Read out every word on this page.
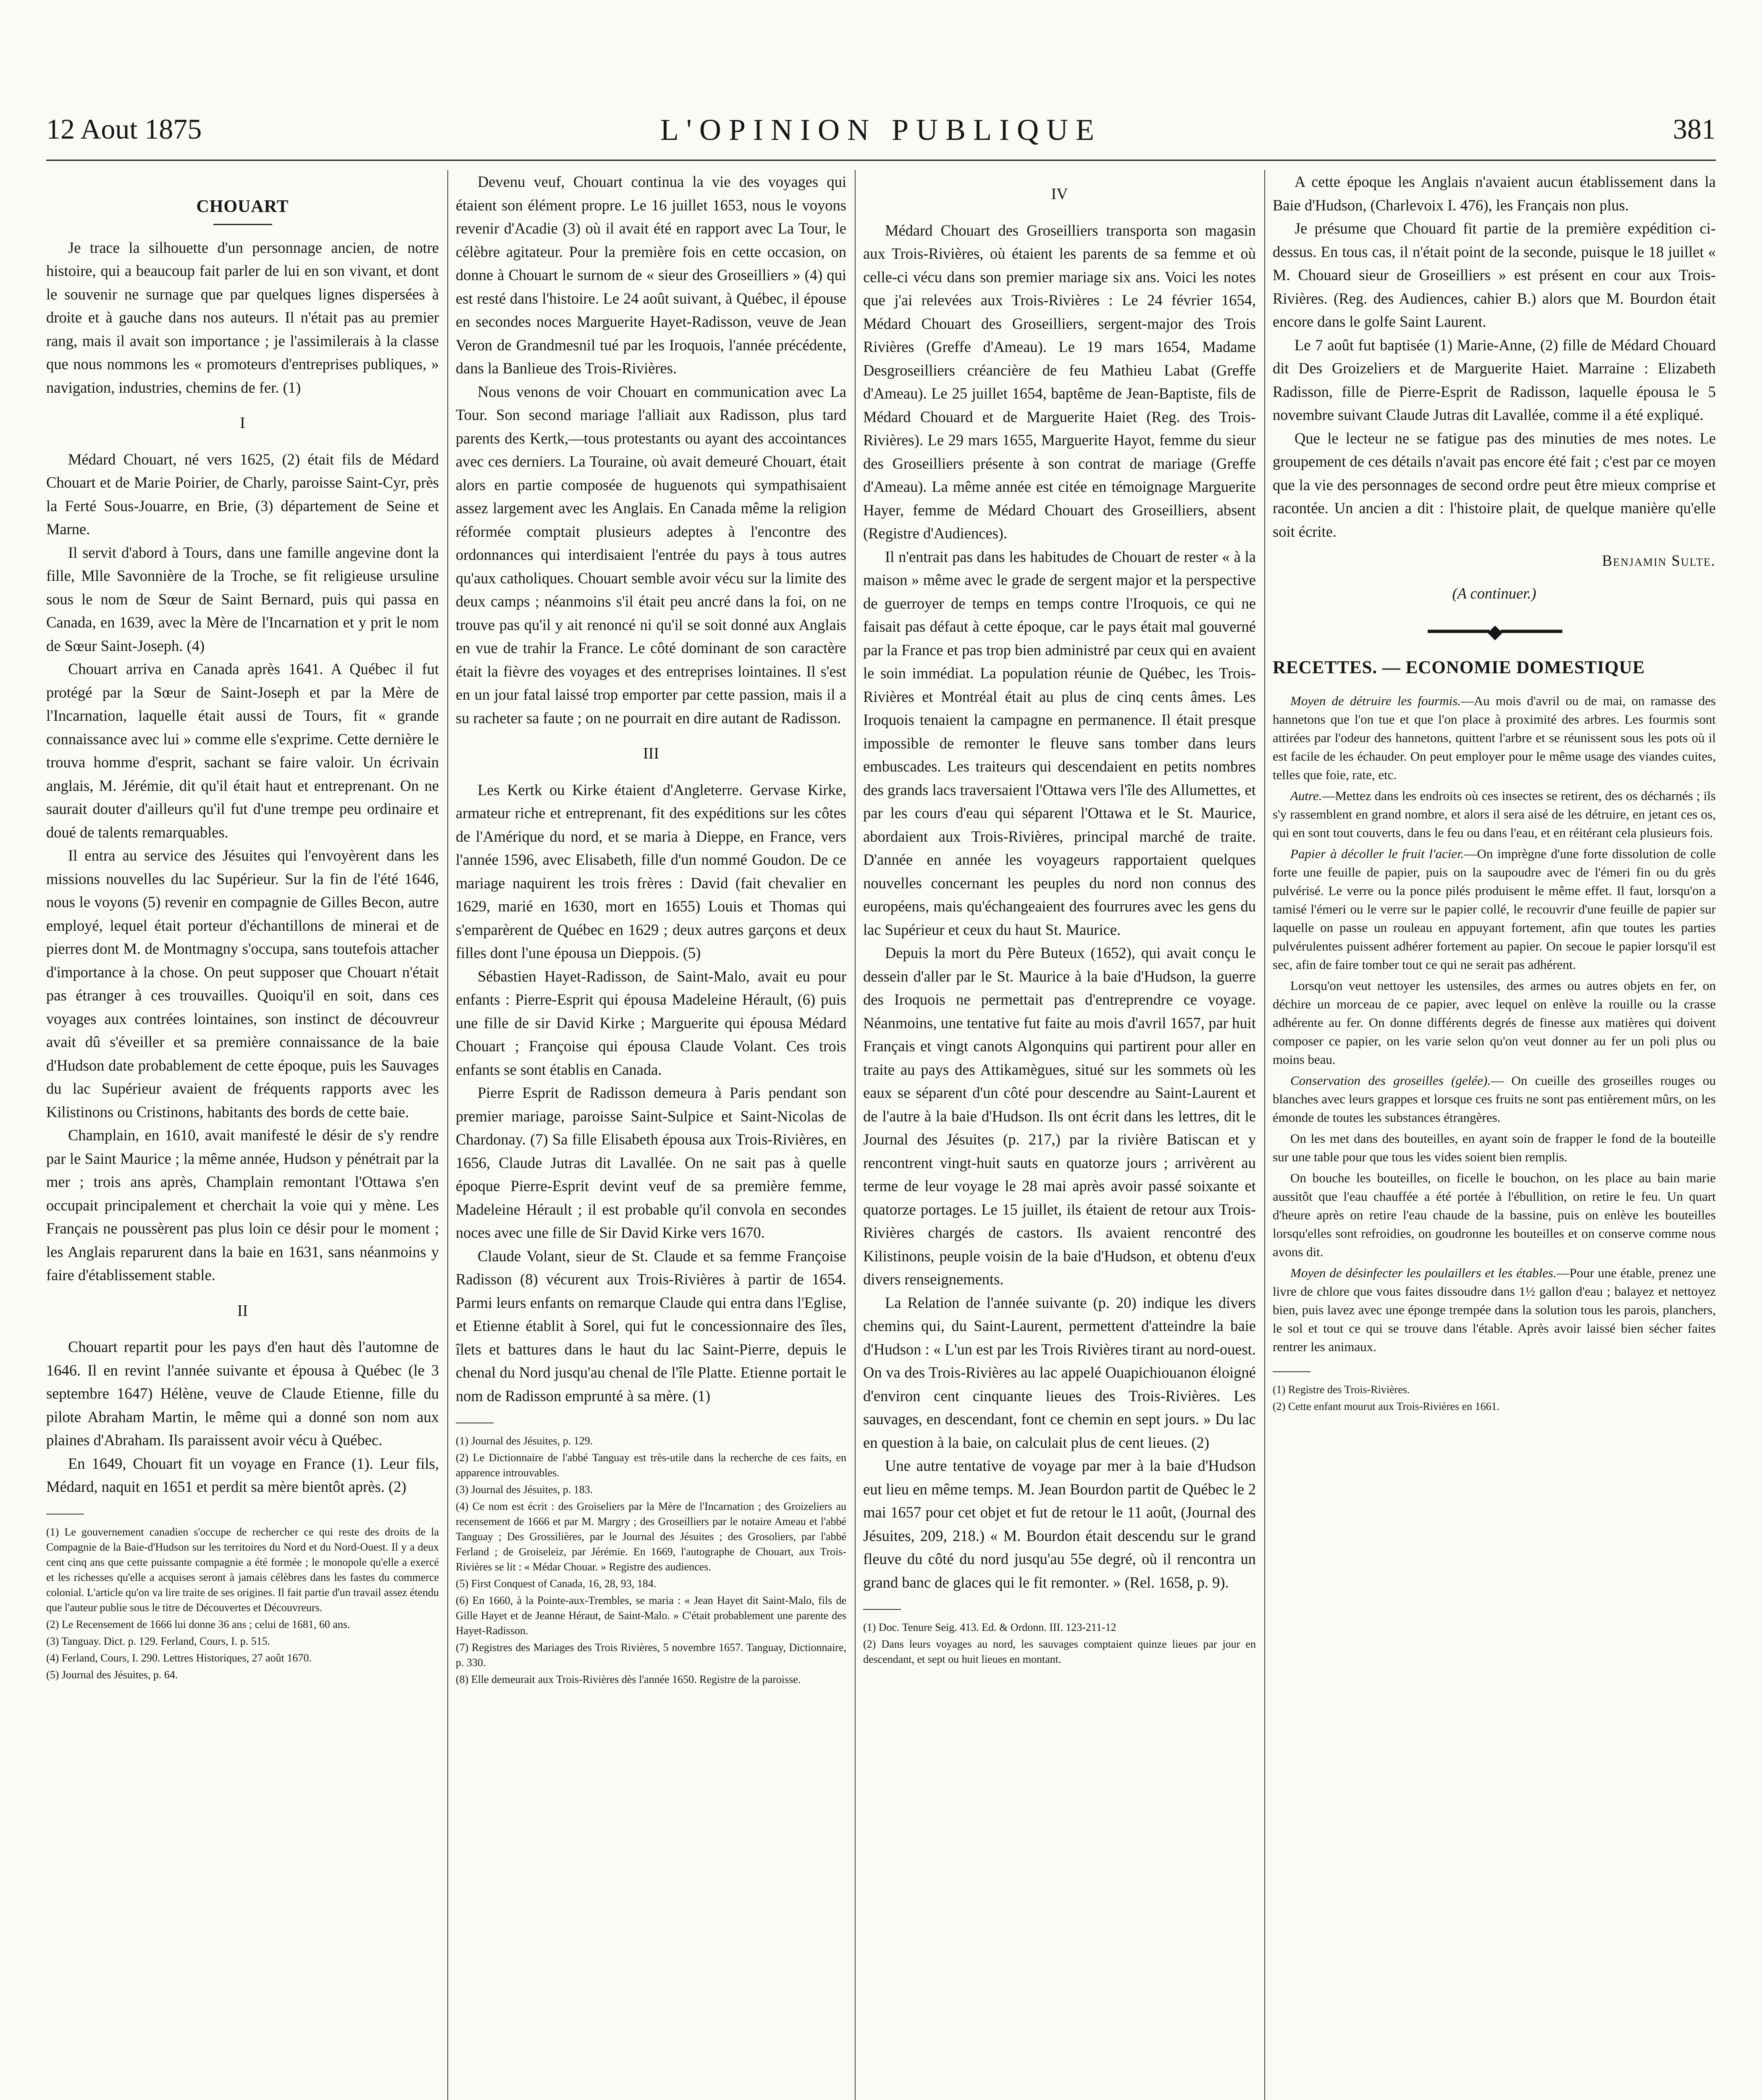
12 Aout 1875	L'OPINION PUBLIQUE	381
CHOUART

Je trace la silhouette d'un personnage ancien, de notre histoire, qui a beaucoup fait parler de lui en son vivant, et dont le souvenir ne surnage que par quelques lignes dispersées à droite et à gauche dans nos auteurs. Il n'était pas au premier rang, mais il avait son importance ; je l'assimilerais à la classe que nous nommons les « promoteurs d'entreprises publiques, » navigation, industries, chemins de fer. (1)

I

Médard Chouart, né vers 1625, (2) était fils de Médard Chouart et de Marie Poirier, de Charly, paroisse Saint-Cyr, près la Ferté Sous-Jouarre, en Brie, (3) département de Seine et Marne.

Il servit d'abord à Tours, dans une famille angevine dont la fille, Mlle Savonnière de la Troche, se fit religieuse ursuline sous le nom de Sœur de Saint Bernard, puis qui passa en Canada, en 1639, avec la Mère de l'Incarnation et y prit le nom de Sœur Saint-Joseph. (4)

Chouart arriva en Canada après 1641. A Québec il fut protégé par la Sœur de Saint-Joseph et par la Mère de l'Incarnation, laquelle était aussi de Tours, fit « grande connaissance avec lui » comme elle s'exprime. Cette dernière le trouva homme d'esprit, sachant se faire valoir. Un écrivain anglais, M. Jérémie, dit qu'il était haut et entreprenant. On ne saurait douter d'ailleurs qu'il fut d'une trempe peu ordinaire et doué de talents remarquables.

Il entra au service des Jésuites qui l'envoyèrent dans les missions nouvelles du lac Supérieur. Sur la fin de l'été 1646, nous le voyons (5) revenir en compagnie de Gilles Becon, autre employé, lequel était porteur d'échantillons de minerai et de pierres dont M. de Montmagny s'occupa, sans toutefois attacher d'importance à la chose. On peut supposer que Chouart n'était pas étranger à ces trouvailles. Quoiqu'il en soit, dans ces voyages aux contrées lointaines, son instinct de découvreur avait dû s'éveiller et sa première connaissance de la baie d'Hudson date probablement de cette époque, puis les Sauvages du lac Supérieur avaient de fréquents rapports avec les Kilistinons ou Cristinons, habitants des bords de cette baie.

Champlain, en 1610, avait manifesté le désir de s'y rendre par le Saint Maurice ; la même année, Hudson y pénétrait par la mer ; trois ans après, Champlain remontant l'Ottawa s'en occupait principalement et cherchait la voie qui y mène. Les Français ne poussèrent pas plus loin ce désir pour le moment ; les Anglais reparurent dans la baie en 1631, sans néanmoins y faire d'établissement stable.

II

Chouart repartit pour les pays d'en haut dès l'automne de 1646. Il en revint l'année suivante et épousa à Québec (le 3 septembre 1647) Hélène, veuve de Claude Etienne, fille du pilote Abraham Martin, le même qui a donné son nom aux plaines d'Abraham. Ils paraissent avoir vécu à Québec.

En 1649, Chouart fit un voyage en France (1). Leur fils, Médard, naquit en 1651 et perdit sa mère bientôt après. (2)

(1) Le gouvernement canadien s'occupe de rechercher ce qui reste des droits de la Compagnie de la Baie-d'Hudson sur les territoires du Nord et du Nord-Ouest. Il y a deux cent cinq ans que cette puissante compagnie a été formée ; le monopole qu'elle a exercé et les richesses qu'elle a acquises seront à jamais célèbres dans les fastes du commerce colonial. L'article qu'on va lire traite de ses origines. Il fait partie d'un travail assez étendu que l'auteur publie sous le titre de Découvertes et Découvreurs.

(2) Le Recensement de 1666 lui donne 36 ans ; celui de 1681, 60 ans.

(3) Tanguay. Dict. p. 129. Ferland, Cours, I. p. 515.

(4) Ferland, Cours, I. 290. Lettres Historiques, 27 août 1670.

(5) Journal des Jésuites, p. 64.

Devenu veuf, Chouart continua la vie des voyages qui étaient son élément propre. Le 16 juillet 1653, nous le voyons revenir d'Acadie (3) où il avait été en rapport avec La Tour, le célèbre agitateur. Pour la première fois en cette occasion, on donne à Chouart le surnom de « sieur des Groseilliers » (4) qui est resté dans l'histoire. Le 24 août suivant, à Québec, il épouse en secondes noces Marguerite Hayet-Radisson, veuve de Jean Veron de Grandmesnil tué par les Iroquois, l'année précédente, dans la Banlieue des Trois-Rivières.

Nous venons de voir Chouart en communication avec La Tour. Son second mariage l'alliait aux Radisson, plus tard parents des Kertk,—tous protestants ou ayant des accointances avec ces derniers. La Touraine, où avait demeuré Chouart, était alors en partie composée de huguenots qui sympathisaient assez largement avec les Anglais. En Canada même la religion réformée comptait plusieurs adeptes à l'encontre des ordonnances qui interdisaient l'entrée du pays à tous autres qu'aux catholiques. Chouart semble avoir vécu sur la limite des deux camps ; néanmoins s'il était peu ancré dans la foi, on ne trouve pas qu'il y ait renoncé ni qu'il se soit donné aux Anglais en vue de trahir la France. Le côté dominant de son caractère était la fièvre des voyages et des entreprises lointaines. Il s'est en un jour fatal laissé trop emporter par cette passion, mais il a su racheter sa faute ; on ne pourrait en dire autant de Radisson.

III

Les Kertk ou Kirke étaient d'Angleterre. Gervase Kirke, armateur riche et entreprenant, fit des expéditions sur les côtes de l'Amérique du nord, et se maria à Dieppe, en France, vers l'année 1596, avec Elisabeth, fille d'un nommé Goudon. De ce mariage naquirent les trois frères : David (fait chevalier en 1629, marié en 1630, mort en 1655) Louis et Thomas qui s'emparèrent de Québec en 1629 ; deux autres garçons et deux filles dont l'une épousa un Dieppois. (5)

Sébastien Hayet-Radisson, de Saint-Malo, avait eu pour enfants : Pierre-Esprit qui épousa Madeleine Hérault, (6) puis une fille de sir David Kirke ; Marguerite qui épousa Médard Chouart ; Françoise qui épousa Claude Volant. Ces trois enfants se sont établis en Canada.

Pierre Esprit de Radisson demeura à Paris pendant son premier mariage, paroisse Saint-Sulpice et Saint-Nicolas de Chardonay. (7) Sa fille Elisabeth épousa aux Trois-Rivières, en 1656, Claude Jutras dit Lavallée. On ne sait pas à quelle époque Pierre-Esprit devint veuf de sa première femme, Madeleine Hérault ; il est probable qu'il convola en secondes noces avec une fille de Sir David Kirke vers 1670.

Claude Volant, sieur de St. Claude et sa femme Françoise Radisson (8) vécurent aux Trois-Rivières à partir de 1654. Parmi leurs enfants on remarque Claude qui entra dans l'Eglise, et Etienne établit à Sorel, qui fut le concessionnaire des îles, îlets et battures dans le haut du lac Saint-Pierre, depuis le chenal du Nord jusqu'au chenal de l'île Platte. Etienne portait le nom de Radisson emprunté à sa mère. (1)

(1) Journal des Jésuites, p. 129.

(2) Le Dictionnaire de l'abbé Tanguay est très-utile dans la recherche de ces faits, en apparence introuvables.

(3) Journal des Jésuites, p. 183.

(4) Ce nom est écrit : des Groiseliers par la Mère de l'Incarnation ; des Groizeliers au recensement de 1666 et par M. Margry ; des Groseilliers par le notaire Ameau et l'abbé Tanguay ; Des Grossilières, par le Journal des Jésuites ; des Grosoliers, par l'abbé Ferland ; de Groiseleiz, par Jérémie. En 1669, l'autographe de Chouart, aux Trois-Rivières se lit : « Médar Chouar. » Registre des audiences.

(5) First Conquest of Canada, 16, 28, 93, 184.

(6) En 1660, à la Pointe-aux-Trembles, se maria : « Jean Hayet dit Saint-Malo, fils de Gille Hayet et de Jeanne Héraut, de Saint-Malo. » C'était probablement une parente des Hayet-Radisson.

(7) Registres des Mariages des Trois Rivières, 5 novembre 1657. Tanguay, Dictionnaire, p. 330.

(8) Elle demeurait aux Trois-Rivières dès l'année 1650. Registre de la paroisse.

IV

Médard Chouart des Groseilliers transporta son magasin aux Trois-Rivières, où étaient les parents de sa femme et où celle-ci vécu dans son premier mariage six ans. Voici les notes que j'ai relevées aux Trois-Rivières : Le 24 février 1654, Médard Chouart des Groseilliers, sergent-major des Trois Rivières (Greffe d'Ameau). Le 19 mars 1654, Madame Desgroseilliers créancière de feu Mathieu Labat (Greffe d'Ameau). Le 25 juillet 1654, baptême de Jean-Baptiste, fils de Médard Chouard et de Marguerite Haiet (Reg. des Trois-Rivières). Le 29 mars 1655, Marguerite Hayot, femme du sieur des Groseilliers présente à son contrat de mariage (Greffe d'Ameau). La même année est citée en témoignage Marguerite Hayer, femme de Médard Chouart des Groseilliers, absent (Registre d'Audiences).

Il n'entrait pas dans les habitudes de Chouart de rester « à la maison » même avec le grade de sergent major et la perspective de guerroyer de temps en temps contre l'Iroquois, ce qui ne faisait pas défaut à cette époque, car le pays était mal gouverné par la France et pas trop bien administré par ceux qui en avaient le soin immédiat. La population réunie de Québec, les Trois-Rivières et Montréal était au plus de cinq cents âmes. Les Iroquois tenaient la campagne en permanence. Il était presque impossible de remonter le fleuve sans tomber dans leurs embuscades. Les traiteurs qui descendaient en petits nombres des grands lacs traversaient l'Ottawa vers l'île des Allumettes, et par les cours d'eau qui séparent l'Ottawa et le St. Maurice, abordaient aux Trois-Rivières, principal marché de traite. D'année en année les voyageurs rapportaient quelques nouvelles concernant les peuples du nord non connus des européens, mais qu'échangeaient des fourrures avec les gens du lac Supérieur et ceux du haut St. Maurice.

Depuis la mort du Père Buteux (1652), qui avait conçu le dessein d'aller par le St. Maurice à la baie d'Hudson, la guerre des Iroquois ne permettait pas d'entreprendre ce voyage. Néanmoins, une tentative fut faite au mois d'avril 1657, par huit Français et vingt canots Algonquins qui partirent pour aller en traite au pays des Attikamègues, situé sur les sommets où les eaux se séparent d'un côté pour descendre au Saint-Laurent et de l'autre à la baie d'Hudson. Ils ont écrit dans les lettres, dit le Journal des Jésuites (p. 217,) par la rivière Batiscan et y rencontrent vingt-huit sauts en quatorze jours ; arrivèrent au terme de leur voyage le 28 mai après avoir passé soixante et quatorze portages. Le 15 juillet, ils étaient de retour aux Trois-Rivières chargés de castors. Ils avaient rencontré des Kilistinons, peuple voisin de la baie d'Hudson, et obtenu d'eux divers renseignements.

La Relation de l'année suivante (p. 20) indique les divers chemins qui, du Saint-Laurent, permettent d'atteindre la baie d'Hudson : « L'un est par les Trois Rivières tirant au nord-ouest. On va des Trois-Rivières au lac appelé Ouapichiouanon éloigné d'environ cent cinquante lieues des Trois-Rivières. Les sauvages, en descendant, font ce chemin en sept jours. » Du lac en question à la baie, on calculait plus de cent lieues. (2)

Une autre tentative de voyage par mer à la baie d'Hudson eut lieu en même temps. M. Jean Bourdon partit de Québec le 2 mai 1657 pour cet objet et fut de retour le 11 août, (Journal des Jésuites, 209, 218.) « M. Bourdon était descendu sur le grand fleuve du côté du nord jusqu'au 55e degré, où il rencontra un grand banc de glaces qui le fit remonter. » (Rel. 1658, p. 9).

(1) Doc. Tenure Seig. 413. Ed. & Ordonn. III. 123-211-12

(2) Dans leurs voyages au nord, les sauvages comptaient quinze lieues par jour en descendant, et sept ou huit lieues en montant.

A cette époque les Anglais n'avaient aucun établissement dans la Baie d'Hudson, (Charlevoix I. 476), les Français non plus.

Je présume que Chouard fit partie de la première expédition ci-dessus. En tous cas, il n'était point de la seconde, puisque le 18 juillet « M. Chouard sieur de Groseilliers » est présent en cour aux Trois-Rivières. (Reg. des Audiences, cahier B.) alors que M. Bourdon était encore dans le golfe Saint Laurent.

Le 7 août fut baptisée (1) Marie-Anne, (2) fille de Médard Chouard dit Des Groizeliers et de Marguerite Haiet. Marraine : Elizabeth Radisson, fille de Pierre-Esprit de Radisson, laquelle épousa le 5 novembre suivant Claude Jutras dit Lavallée, comme il a été expliqué.

Que le lecteur ne se fatigue pas des minuties de mes notes. Le groupement de ces détails n'avait pas encore été fait ; c'est par ce moyen que la vie des personnages de second ordre peut être mieux comprise et racontée. Un ancien a dit : l'histoire plait, de quelque manière qu'elle soit écrite.

Benjamin Sulte.
(A continuer.)
━━━━━━◆━━━━━━
RECETTES. — ECONOMIE DOMESTIQUE

Moyen de détruire les fourmis.—Au mois d'avril ou de mai, on ramasse des hannetons que l'on tue et que l'on place à proximité des arbres. Les fourmis sont attirées par l'odeur des hannetons, quittent l'arbre et se réunissent sous les pots où il est facile de les échauder. On peut employer pour le même usage des viandes cuites, telles que foie, rate, etc.

Autre.—Mettez dans les endroits où ces insectes se retirent, des os décharnés ; ils s'y rassemblent en grand nombre, et alors il sera aisé de les détruire, en jetant ces os, qui en sont tout couverts, dans le feu ou dans l'eau, et en réitérant cela plusieurs fois.

Papier à décoller le fruit l'acier.—On imprègne d'une forte dissolution de colle forte une feuille de papier, puis on la saupoudre avec de l'émeri fin ou du grès pulvérisé. Le verre ou la ponce pilés produisent le même effet. Il faut, lorsqu'on a tamisé l'émeri ou le verre sur le papier collé, le recouvrir d'une feuille de papier sur laquelle on passe un rouleau en appuyant fortement, afin que toutes les parties pulvérulentes puissent adhérer fortement au papier. On secoue le papier lorsqu'il est sec, afin de faire tomber tout ce qui ne serait pas adhérent.

Lorsqu'on veut nettoyer les ustensiles, des armes ou autres objets en fer, on déchire un morceau de ce papier, avec lequel on enlève la rouille ou la crasse adhérente au fer. On donne différents degrés de finesse aux matières qui doivent composer ce papier, on les varie selon qu'on veut donner au fer un poli plus ou moins beau.

Conservation des groseilles (gelée).— On cueille des groseilles rouges ou blanches avec leurs grappes et lorsque ces fruits ne sont pas entièrement mûrs, on les émonde de toutes les substances étrangères.

On les met dans des bouteilles, en ayant soin de frapper le fond de la bouteille sur une table pour que tous les vides soient bien remplis.

On bouche les bouteilles, on ficelle le bouchon, on les place au bain marie aussitôt que l'eau chauffée a été portée à l'ébullition, on retire le feu. Un quart d'heure après on retire l'eau chaude de la bassine, puis on enlève les bouteilles lorsqu'elles sont refroidies, on goudronne les bouteilles et on conserve comme nous avons dit.

Moyen de désinfecter les poulaillers et les étables.—Pour une étable, prenez une livre de chlore que vous faites dissoudre dans 1½ gallon d'eau ; balayez et nettoyez bien, puis lavez avec une éponge trempée dans la solution tous les parois, planchers, le sol et tout ce qui se trouve dans l'étable. Après avoir laissé bien sécher faites rentrer les animaux.

(1) Registre des Trois-Rivières.

(2) Cette enfant mourut aux Trois-Rivières en 1661.
